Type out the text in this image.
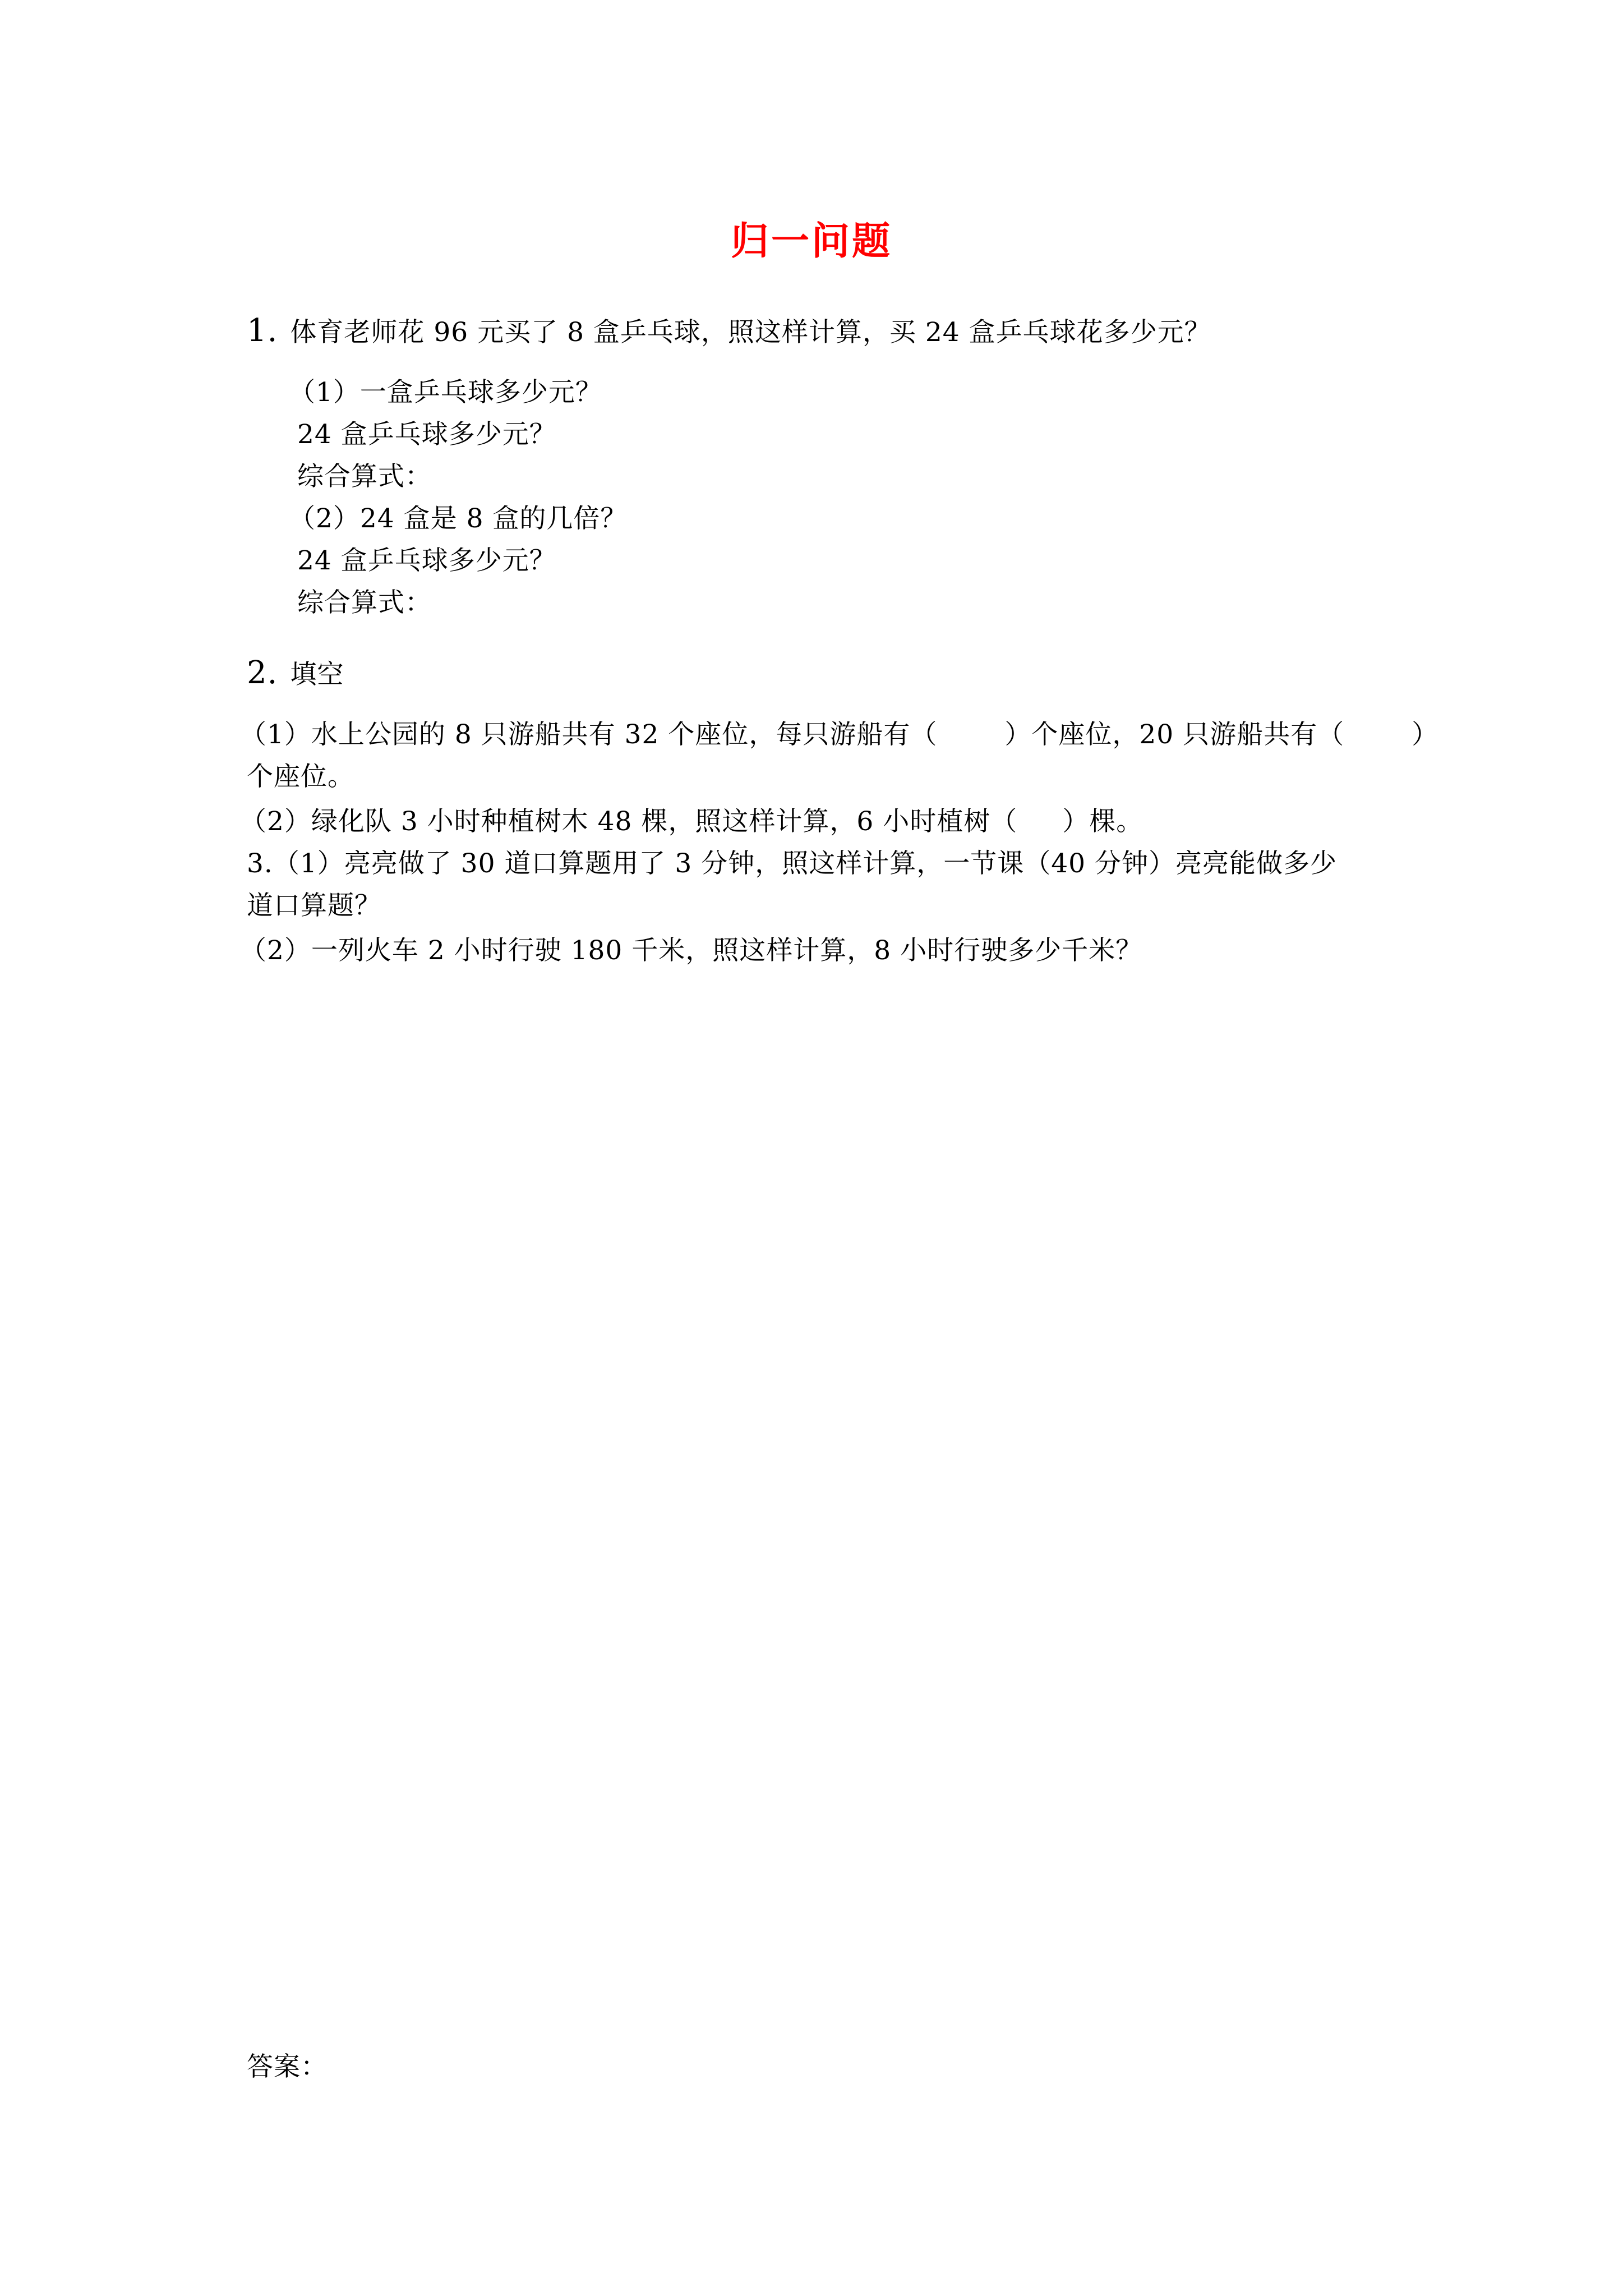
归一问题
1. 体育老师花 96 元买了 8 盒乒乓球，照这样计算，买 24 盒乒乓球花多少元？
（1）一盒乒乓球多少元？
24 盒乒乓球多少元？
综合算式：
（2）24 盒是 8 盒的几倍？
24 盒乒乓球多少元？
综合算式：
2. 填空
（1）水上公园的 8 只游船共有 32 个座位，每只游船有（	）个座位，20 只游船共有（	）
个座位。
（2）绿化队 3 小时种植树木 48 棵，照这样计算，6 小时植树（ ）棵。
3.（1）亮亮做了 30 道口算题用了 3 分钟，照这样计算，一节课（40 分钟）亮亮能做多少
道口算题？
（2）一列火车 2 小时行驶 180 千米，照这样计算，8 小时行驶多少千米？
答案：
